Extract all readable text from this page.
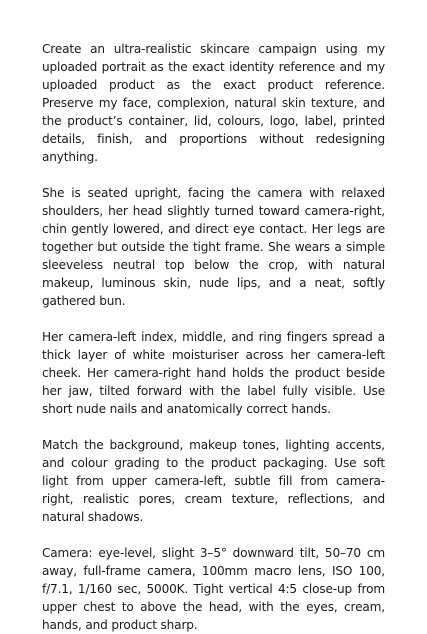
Create an ultra-realistic skincare campaign using my uploaded portrait as the exact identity reference and my uploaded product as the exact product reference. Preserve my face, complexion, natural skin texture, and the product’s container, lid, colours, logo, label, printed details, finish, and proportions without redesigning anything.

She is seated upright, facing the camera with relaxed shoulders, her head slightly turned toward camera-right, chin gently lowered, and direct eye contact. Her legs are together but outside the tight frame. She wears a simple sleeveless neutral top below the crop, with natural makeup, luminous skin, nude lips, and a neat, softly gathered bun.

Her camera-left index, middle, and ring fingers spread a thick layer of white moisturiser across her camera-left cheek. Her camera-right hand holds the product beside her jaw, tilted forward with the label fully visible. Use short nude nails and anatomically correct hands.

Match the background, makeup tones, lighting accents, and colour grading to the product packaging. Use soft light from upper camera-left, subtle fill from camera-right, realistic pores, cream texture, reflections, and natural shadows.

Camera: eye-level, slight 3–5° downward tilt, 50–70 cm away, full-frame camera, 100mm macro lens, ISO 100, f/7.1, 1/160 sec, 5000K. Tight vertical 4:5 close-up from upper chest to above the head, with the eyes, cream, hands, and product sharp.
